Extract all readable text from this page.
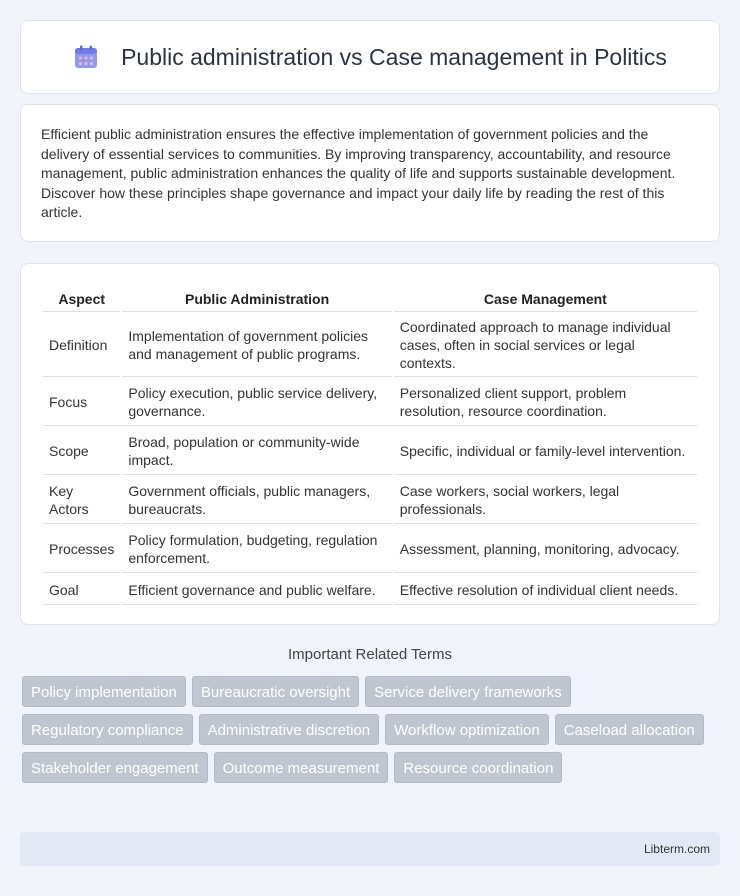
Public administration vs Case management in Politics

Efficient public administration ensures the effective implementation of government policies and the delivery of essential services to communities. By improving transparency, accountability, and resource management, public administration enhances the quality of life and supports sustainable development. Discover how these principles shape governance and impact your daily life by reading the rest of this article.

Aspect	Public Administration	Case Management
Definition	Implementation of government policies and management of public programs.	Coordinated approach to manage individual cases, often in social services or legal contexts.
Focus	Policy execution, public service delivery, governance.	Personalized client support, problem resolution, resource coordination.
Scope	Broad, population or community-wide impact.	Specific, individual or family-level intervention.
Key Actors	Government officials, public managers, bureaucrats.	Case workers, social workers, legal professionals.
Processes	Policy formulation, budgeting, regulation enforcement.	Assessment, planning, monitoring, advocacy.
Goal	Efficient governance and public welfare.	Effective resolution of individual client needs.
Important Related Terms
Policy implementation	Bureaucratic oversight	Service delivery frameworks
Regulatory compliance	Administrative discretion	Workflow optimization	Caseload allocation
Stakeholder engagement	Outcome measurement	Resource coordination
Libterm.com
